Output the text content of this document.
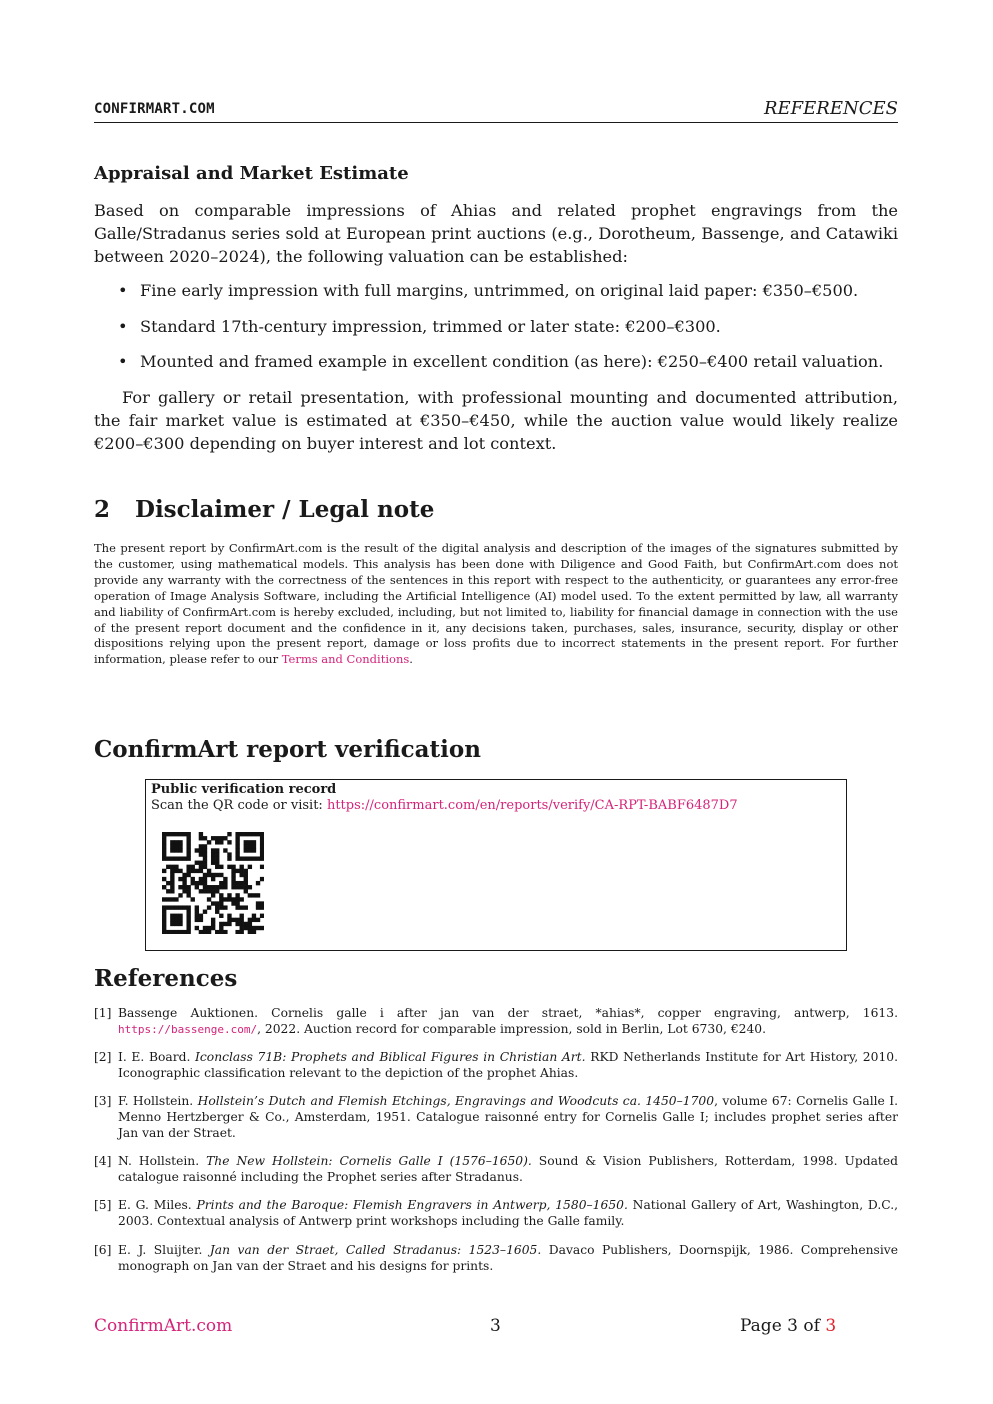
CONFIRMART.COM	REFERENCES
Appraisal and Market Estimate

Based on comparable impressions of Ahias and related prophet engravings from the Galle/Stradanus series sold at European print auctions (e.g., Dorotheum, Bassenge, and Catawiki between 2020–2024), the following valuation can be established:

• Fine early impression with full margins, untrimmed, on original laid paper: €350–€500.
• Standard 17th-century impression, trimmed or later state: €200–€300.
• Mounted and framed example in excellent condition (as here): €250–€400 retail valuation.

For gallery or retail presentation, with professional mounting and documented attribution, the fair market value is estimated at €350–€450, while the auction value would likely realize €200–€300 depending on buyer interest and lot context.

2 Disclaimer / Legal note

The present report by ConfirmArt.com is the result of the digital analysis and description of the images of the signatures submitted by the customer, using mathematical models. This analysis has been done with Diligence and Good Faith, but ConfirmArt.com does not provide any warranty with the correctness of the sentences in this report with respect to the authenticity, or guarantees any error-free operation of Image Analysis Software, including the Artificial Intelligence (AI) model used. To the extent permitted by law, all warranty and liability of ConfirmArt.com is hereby excluded, including, but not limited to, liability for financial damage in connection with the use of the present report document and the confidence in it, any decisions taken, purchases, sales, insurance, security, display or other dispositions relying upon the present report, damage or loss profits due to incorrect statements in the present report. For further information, please refer to our Terms and Conditions.

ConfirmArt report verification
Public verification record
Scan the QR code or visit: https://confirmart.com/en/reports/verify/CA-RPT-BABF6487D7
References
[1] Bassenge Auktionen. Cornelis galle i after jan van der straet, *ahias*, copper engraving, antwerp, 1613. https://bassenge.com/, 2022. Auction record for comparable impression, sold in Berlin, Lot 6730, €240.
[2] I. E. Board. Iconclass 71B: Prophets and Biblical Figures in Christian Art. RKD Netherlands Institute for Art History, 2010. Iconographic classification relevant to the depiction of the prophet Ahias.
[3] F. Hollstein. Hollstein’s Dutch and Flemish Etchings, Engravings and Woodcuts ca. 1450–1700, volume 67: Cornelis Galle I. Menno Hertzberger & Co., Amsterdam, 1951. Catalogue raisonné entry for Cornelis Galle I; includes prophet series after Jan van der Straet.
[4] N. Hollstein. The New Hollstein: Cornelis Galle I (1576–1650). Sound & Vision Publishers, Rotterdam, 1998. Updated catalogue raisonné including the Prophet series after Stradanus.
[5] E. G. Miles. Prints and the Baroque: Flemish Engravers in Antwerp, 1580–1650. National Gallery of Art, Washington, D.C., 2003. Contextual analysis of Antwerp print workshops including the Galle family.
[6] E. J. Sluijter. Jan van der Straet, Called Stradanus: 1523–1605. Davaco Publishers, Doornspijk, 1986. Comprehensive monograph on Jan van der Straet and his designs for prints.
ConfirmArt.com	3	Page 3 of 3
